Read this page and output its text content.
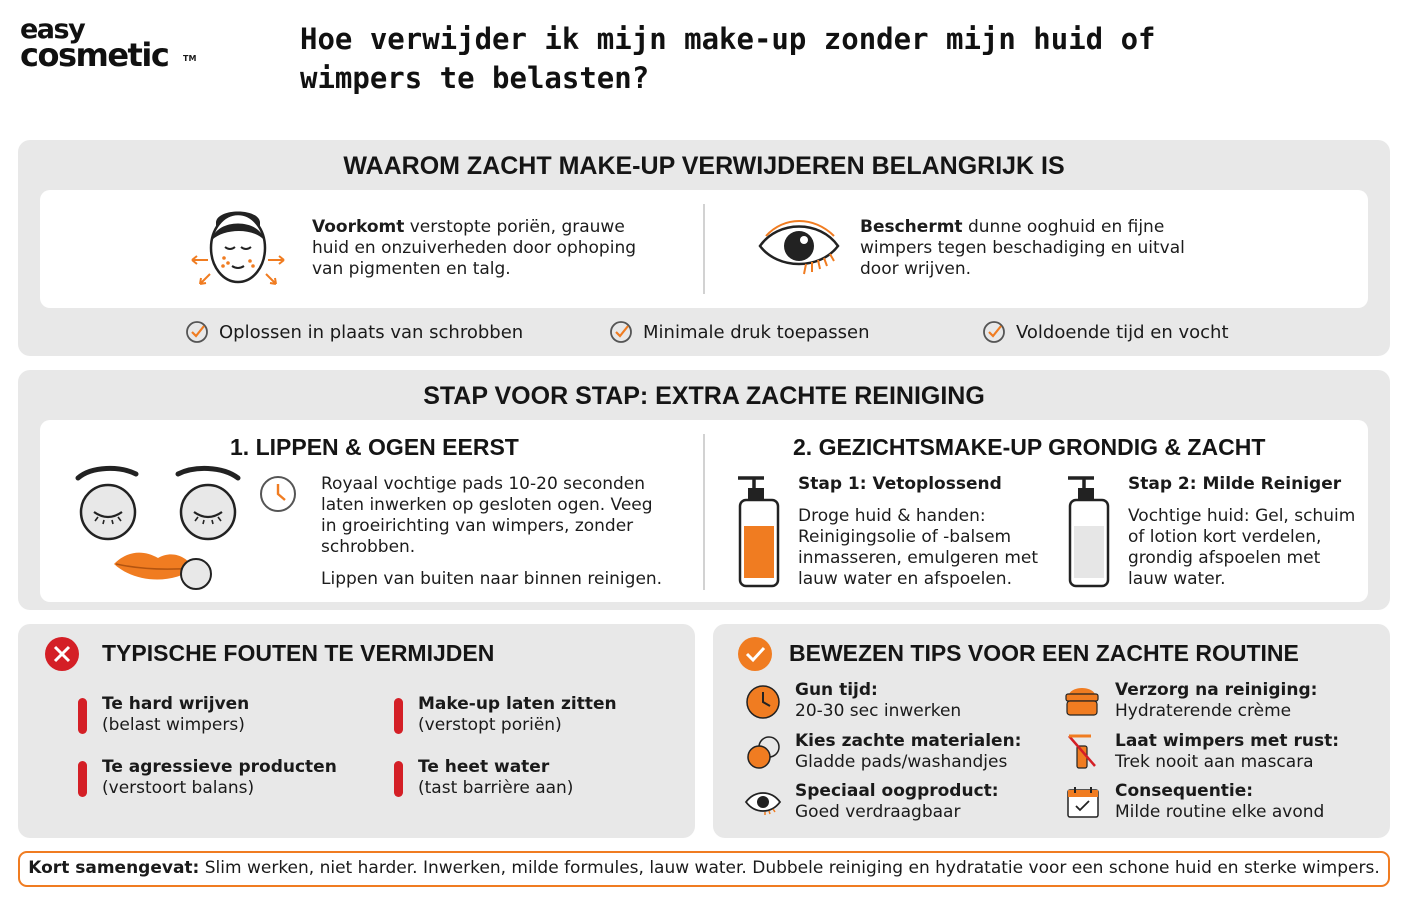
easy
cosmetic TM
Hoe verwijder ik mijn make-up zonder mijn huid of wimpers te belasten?
WAAROM ZACHT MAKE-UP VERWIJDEREN BELANGRIJK IS

Voorkomt verstopte poriën, grauwe huid en onzuiverheden door ophoping van pigmenten en talg.

Beschermt dunne ooghuid en fijne wimpers tegen beschadiging en uitval door wrijven.

Oplossen in plaats van schrobben	Minimale druk toepassen	Voldoende tijd en vocht
STAP VOOR STAP: EXTRA ZACHTE REINIGING
1. LIPPEN & OGEN EERST

Royaal vochtige pads 10-20 seconden laten inwerken op gesloten ogen. Veeg in groeirichting van wimpers, zonder schrobben.

Lippen van buiten naar binnen reinigen.

2. GEZICHTSMAKE-UP GRONDIG & ZACHT
Stap 1: Vetoplossend

Droge huid & handen: Reinigingsolie of -balsem inmasseren, emulgeren met lauw water en afspoelen.

Stap 2: Milde Reiniger

Vochtige huid: Gel, schuim of lotion kort verdelen, grondig afspoelen met lauw water.

TYPISCHE FOUTEN TE VERMIJDEN
Te hard wrijven
(belast wimpers)
Make-up laten zitten
(verstopt poriën)
Te agressieve producten
(verstoort balans)
Te heet water
(tast barrière aan)
BEWEZEN TIPS VOOR EEN ZACHTE ROUTINE
Gun tijd:
20-30 sec inwerken
Verzorg na reiniging:
Hydraterende crème
Kies zachte materialen:
Gladde pads/washandjes
Laat wimpers met rust:
Trek nooit aan mascara
Speciaal oogproduct:
Goed verdraagbaar
Consequentie:
Milde routine elke avond
Kort samengevat: Slim werken, niet harder. Inwerken, milde formules, lauw water. Dubbele reiniging en hydratatie voor een schone huid en sterke wimpers.
